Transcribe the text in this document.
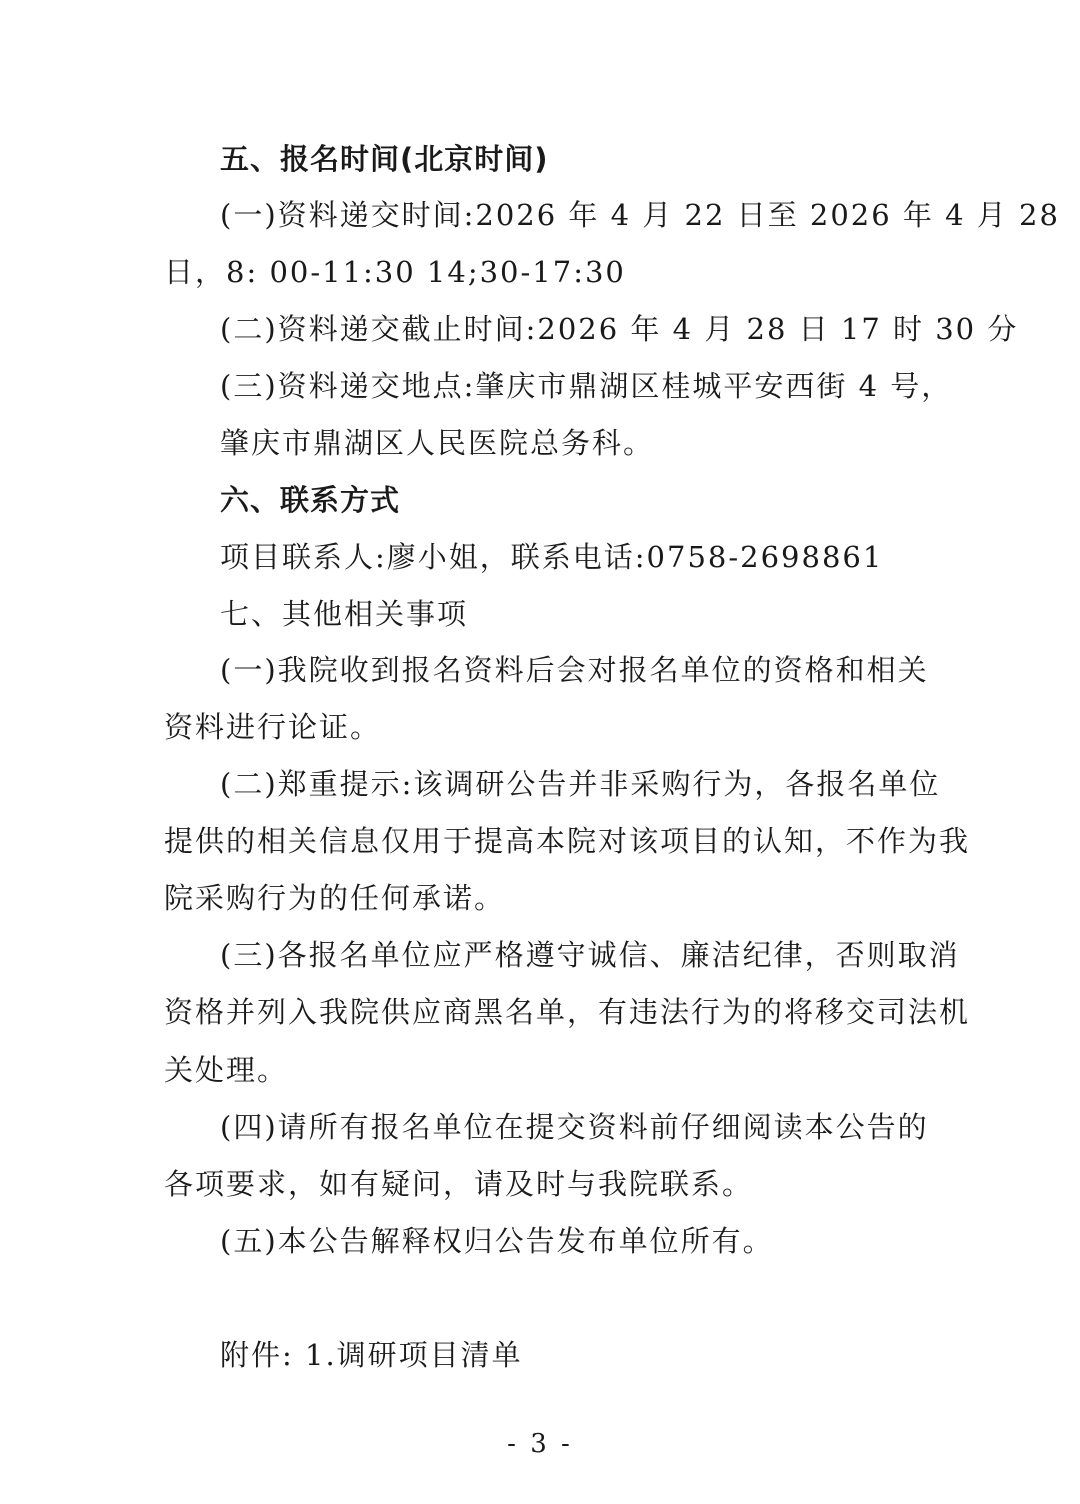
五、报名时间(北京时间)
(一)资料递交时间:2026 年 4 月 22 日至 2026 年 4 月 28
日，8: 00-11:30 14;30-17:30
(二)资料递交截止时间:2026 年 4 月 28 日 17 时 30 分
(三)资料递交地点:肇庆市鼎湖区桂城平安西街 4 号，
肇庆市鼎湖区人民医院总务科。
六、联系方式
项目联系人:廖小姐，联系电话:0758-2698861
七、其他相关事项
(一)我院收到报名资料后会对报名单位的资格和相关
资料进行论证。
(二)郑重提示:该调研公告并非采购行为，各报名单位
提供的相关信息仅用于提高本院对该项目的认知，不作为我
院采购行为的任何承诺。
(三)各报名单位应严格遵守诚信、廉洁纪律，否则取消
资格并列入我院供应商黑名单，有违法行为的将移交司法机
关处理。
(四)请所有报名单位在提交资料前仔细阅读本公告的
各项要求，如有疑问，请及时与我院联系。
(五)本公告解释权归公告发布单位所有。
附件: 1.调研项目清单
- 3 -
